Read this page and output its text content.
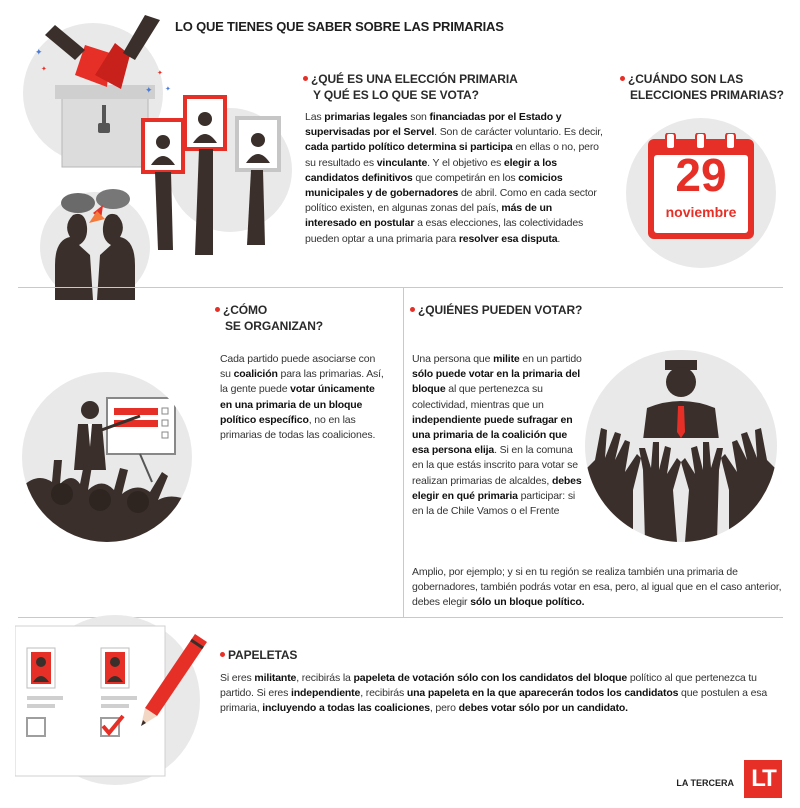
LO QUE TIENES QUE SABER SOBRE LAS PRIMARIAS
✦
✦
✦
✦ ✦
¿QUÉ ES UNA ELECCIÓN PRIMARIA
Y QUÉ ES LO QUE SE VOTA?
Las primarias legales son financiadas por el Estado y supervisadas por el Servel. Son de carácter voluntario. Es decir, cada partido político determina si participa en ellas o no, pero su resultado es vinculante. Y el objetivo es elegir a los candidatos definitivos que competirán en los comicios municipales y de gobernadores de abril. Como en cada sector político existen, en algunas zonas del país, más de un interesado en postular a esas elecciones, las colectividades pueden optar a una primaria para resolver esa disputa.
¿CUÁNDO SON LAS
ELECCIONES PRIMARIAS?
29
noviembre
¿CÓMO
SE ORGANIZAN?
Cada partido puede asociarse con su coalición para las primarias. Así, la gente puede votar únicamente en una primaria de un bloque político específico, no en las primarias de todas las coaliciones.
¿QUIÉNES PUEDEN VOTAR?
Una persona que milite en un partido sólo puede votar en la primaria del bloque al que pertenezca su colectividad, mientras que un independiente puede sufragar en una primaria de la coalición que esa persona elija. Si en la comuna en la que estás inscrito para votar se realizan primarias de alcaldes, debes elegir en qué primaria participar: si en la de Chile Vamos o el Frente
Amplio, por ejemplo; y si en tu región se realiza también una primaria de gobernadores, también podrás votar en esa, pero, al igual que en el caso anterior, debes elegir sólo un bloque político.
PAPELETAS
Si eres militante, recibirás la papeleta de votación sólo con los candidatos del bloque político al que pertenezca tu partido. Si eres independiente, recibirás una papeleta en la que aparecerán todos los candidatos que postulen a esa primaria, incluyendo a todas las coaliciones, pero debes votar sólo por un candidato.
LA TERCERA LT
